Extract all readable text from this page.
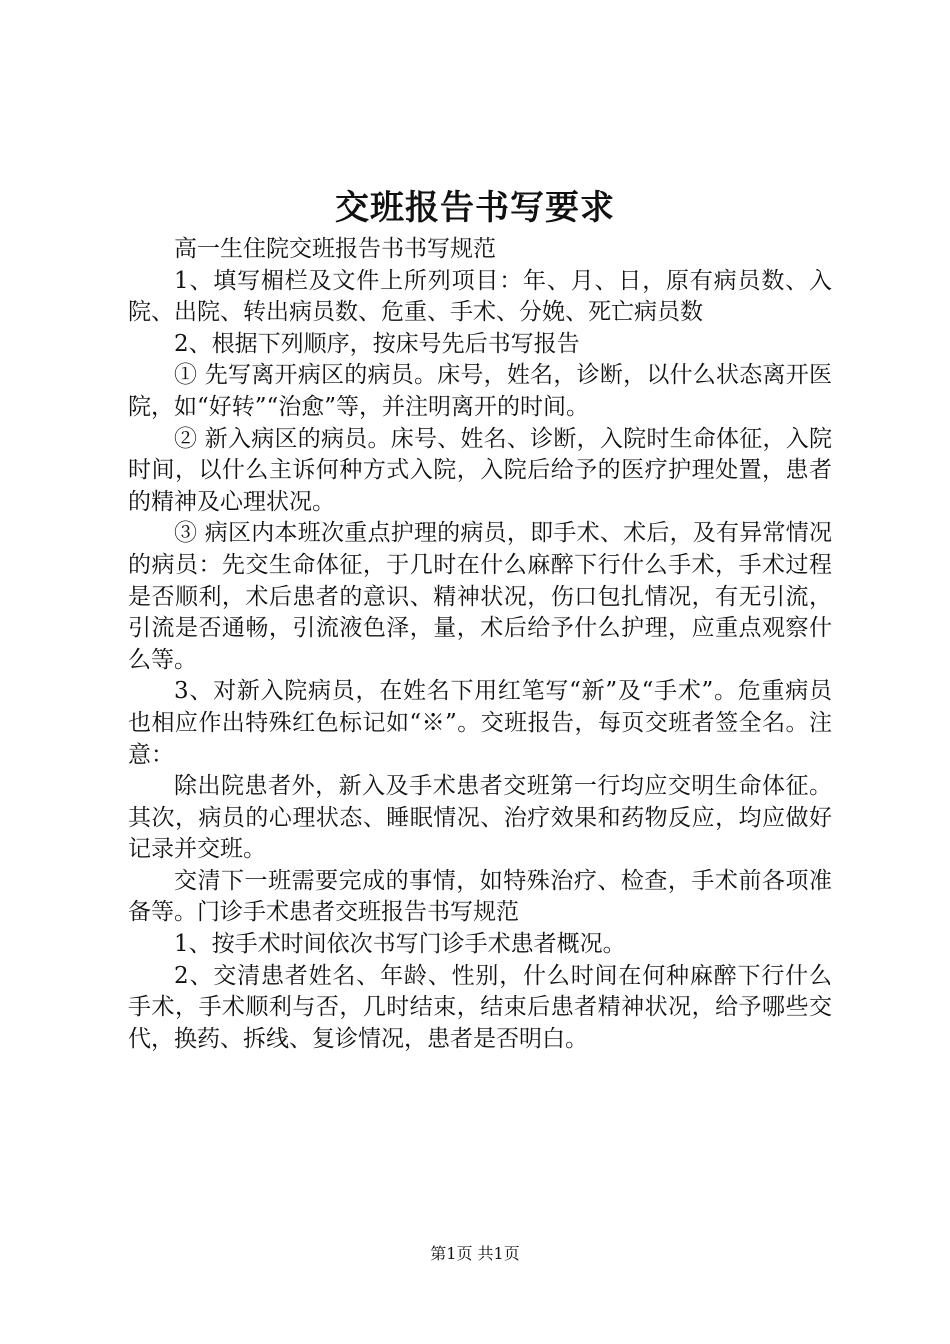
交班报告书写要求

高一生住院交班报告书书写规范

1、填写楣栏及文件上所列项目：年、月、日，原有病员数、入院、出院、转出病员数、危重、手术、分娩、死亡病员数

2、根据下列顺序，按床号先后书写报告

① 先写离开病区的病员。床号，姓名，诊断，以什么状态离开医院，如“好转”“治愈”等，并注明离开的时间。

② 新入病区的病员。床号、姓名、诊断，入院时生命体征，入院时间，以什么主诉何种方式入院，入院后给予的医疗护理处置，患者的精神及心理状况。

③ 病区内本班次重点护理的病员，即手术、术后，及有异常情况的病员：先交生命体征，于几时在什么麻醉下行什么手术，手术过程是否顺利，术后患者的意识、精神状况，伤口包扎情况，有无引流，引流是否通畅，引流液色泽，量，术后给予什么护理，应重点观察什么等。

3、对新入院病员，在姓名下用红笔写“新”及“手术”。危重病员也相应作出特殊红色标记如“※”。交班报告，每页交班者签全名。注意：

除出院患者外，新入及手术患者交班第一行均应交明生命体征。其次，病员的心理状态、睡眠情况、治疗效果和药物反应，均应做好记录并交班。

交清下一班需要完成的事情，如特殊治疗、检查，手术前各项准备等。门诊手术患者交班报告书写规范

1、按手术时间依次书写门诊手术患者概况。

2、交清患者姓名、年龄、性别，什么时间在何种麻醉下行什么手术，手术顺利与否，几时结束，结束后患者精神状况，给予哪些交代，换药、拆线、复诊情况，患者是否明白。

第1页 共1页
